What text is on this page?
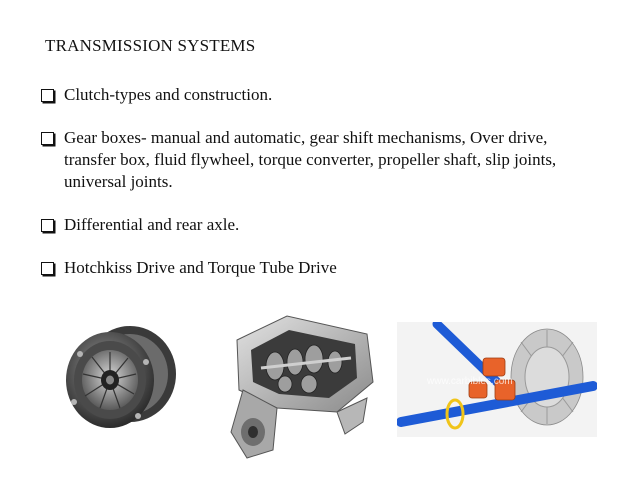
TRANSMISSION SYSTEMS
Clutch-types and construction.
Gear boxes- manual and automatic, gear shift mechanisms, Over drive, transfer box, fluid flywheel, torque converter, propeller shaft, slip joints, universal joints.
Differential and rear axle.
Hotchkiss Drive and Torque Tube Drive
www.carbibles.com
